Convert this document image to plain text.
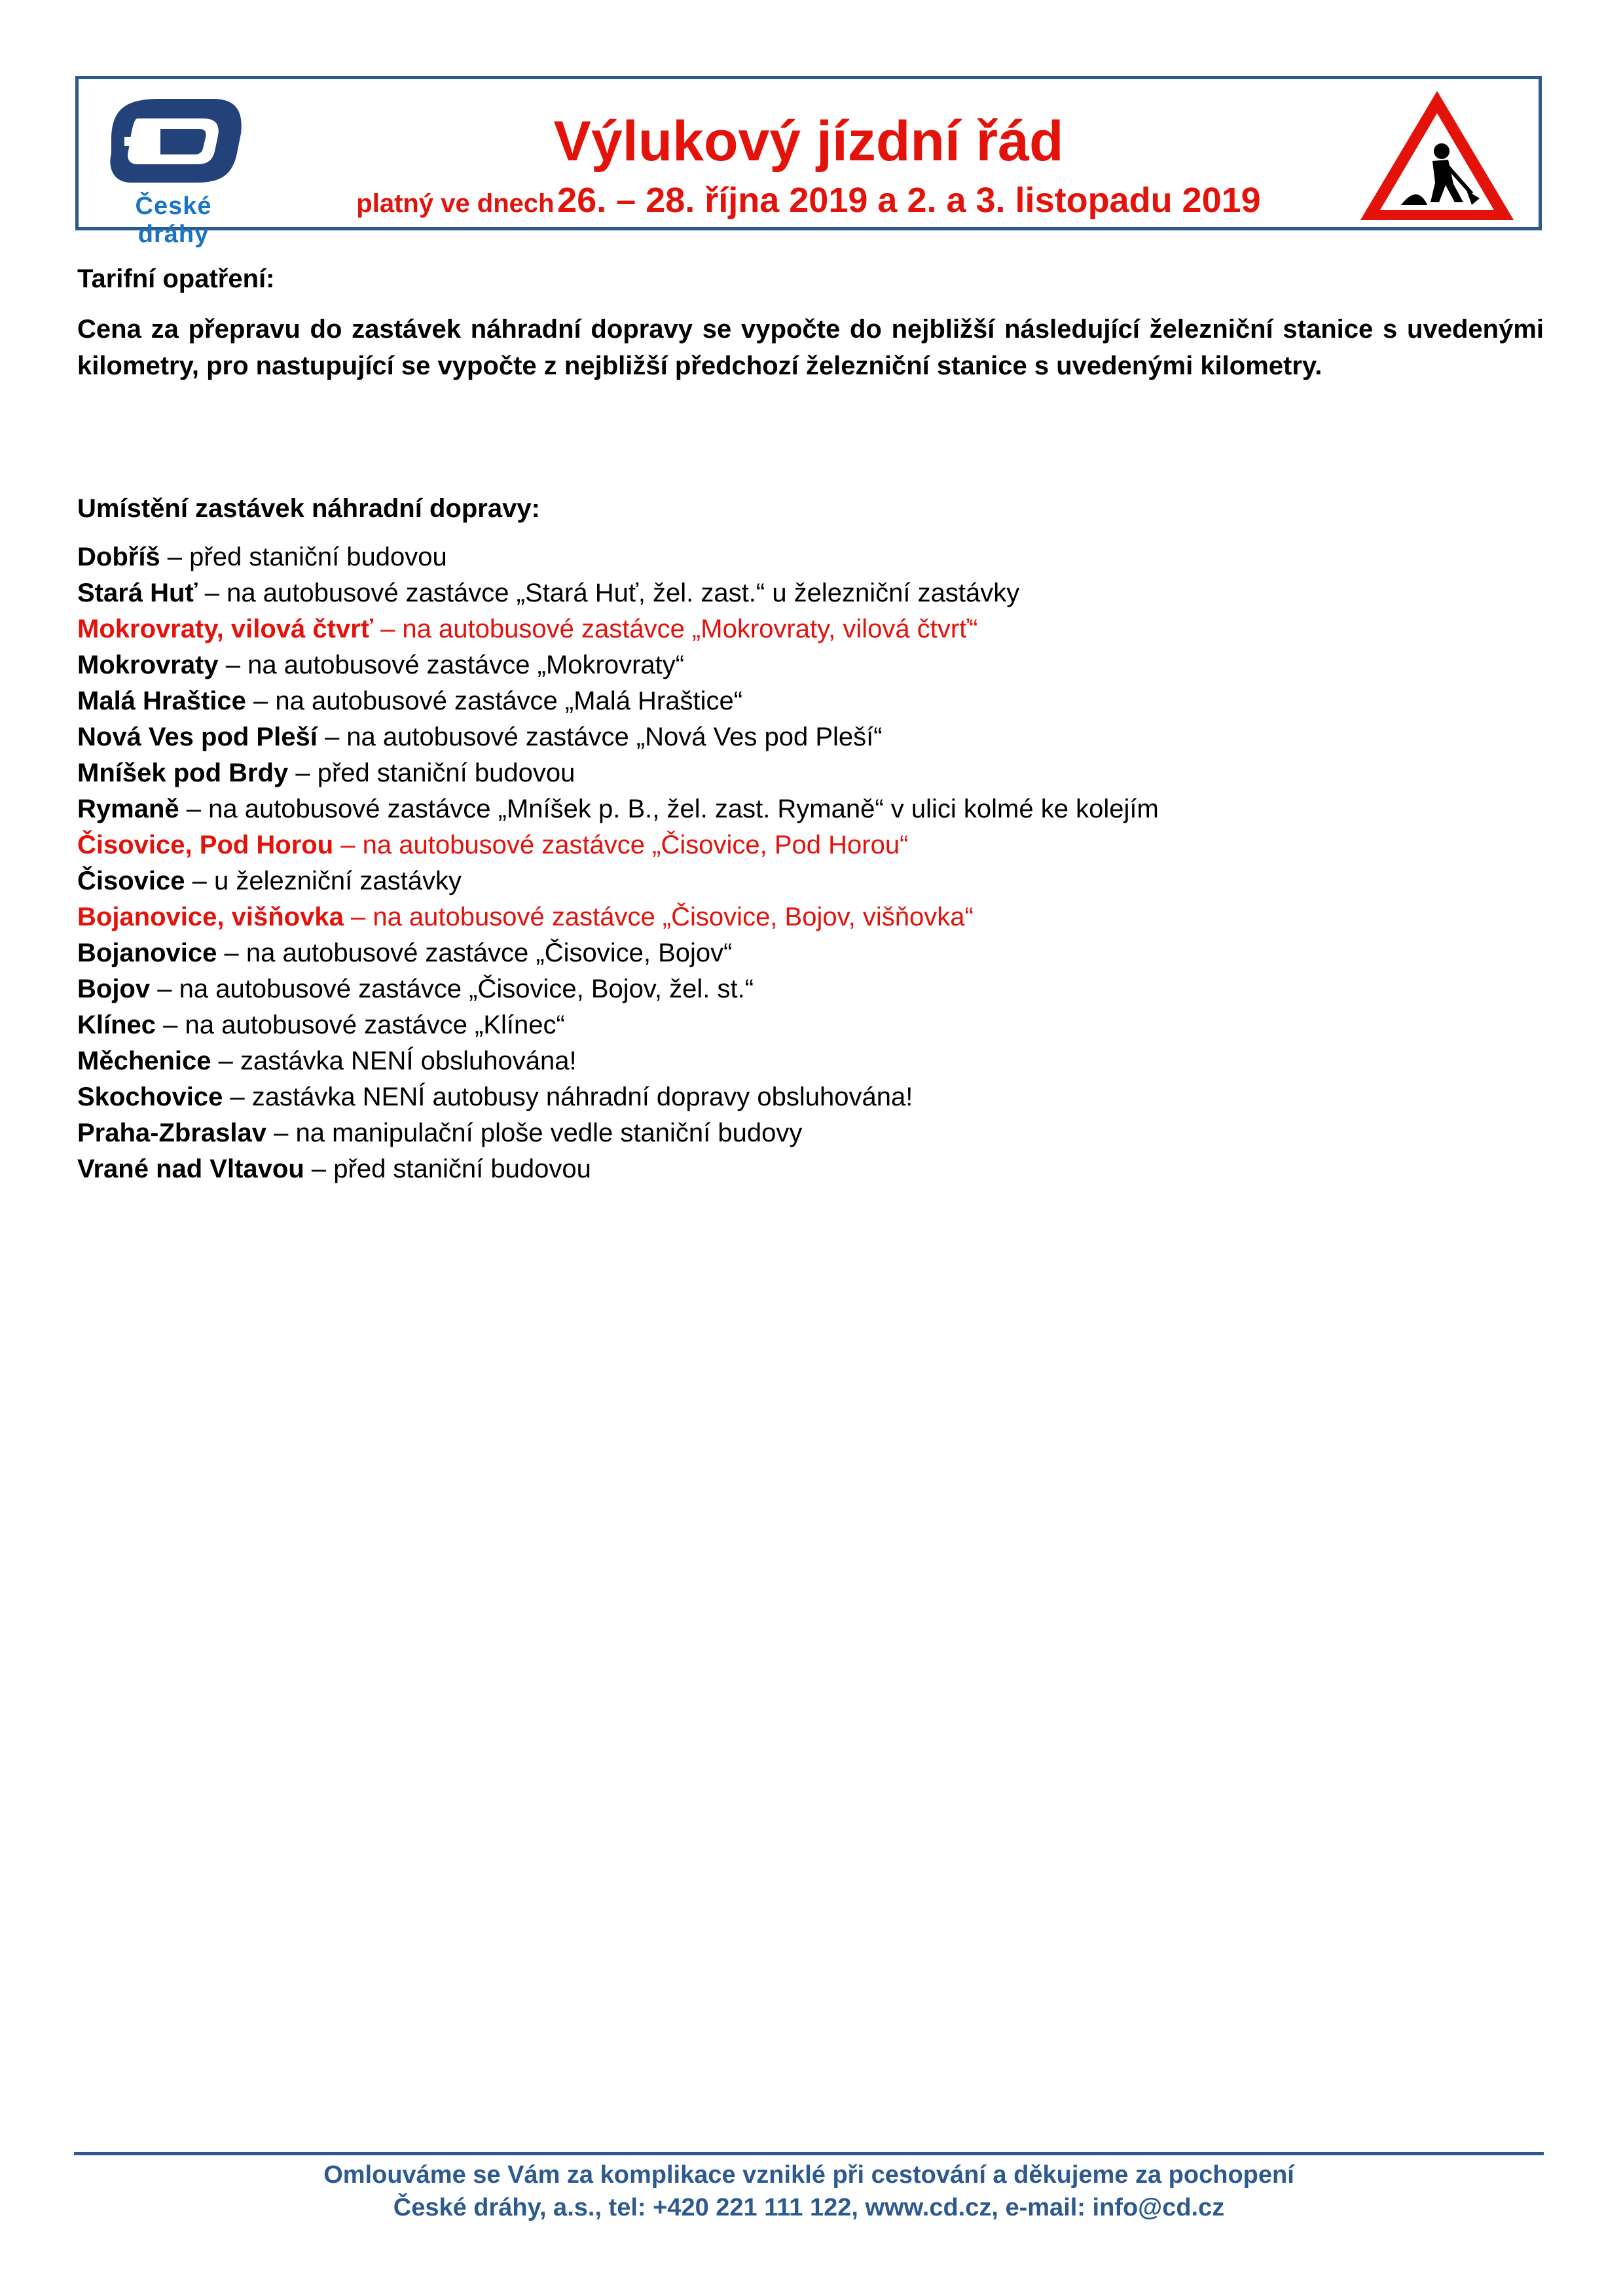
České dráhy
Výlukový jízdní řád
platný ve dnech 26. – 28. října 2019 a 2. a 3. listopadu 2019
Tarifní opatření:
Cena za přepravu do zastávek náhradní dopravy se vypočte do nejbližší následující železniční stanice s uvedenými kilometry, pro nastupující se vypočte z nejbližší předchozí železniční stanice s uvedenými kilometry.
Umístění zastávek náhradní dopravy:
Dobříš – před staniční budovou
Stará Huť – na autobusové zastávce „Stará Huť, žel. zast.“ u železniční zastávky
Mokrovraty, vilová čtvrť – na autobusové zastávce „Mokrovraty, vilová čtvrť“
Mokrovraty – na autobusové zastávce „Mokrovraty“
Malá Hraštice – na autobusové zastávce „Malá Hraštice“
Nová Ves pod Pleší – na autobusové zastávce „Nová Ves pod Pleší“
Mníšek pod Brdy – před staniční budovou
Rymaně – na autobusové zastávce „Mníšek p. B., žel. zast. Rymaně“ v ulici kolmé ke kolejím
Čisovice, Pod Horou – na autobusové zastávce „Čisovice, Pod Horou“
Čisovice – u železniční zastávky
Bojanovice, višňovka – na autobusové zastávce „Čisovice, Bojov, višňovka“
Bojanovice – na autobusové zastávce „Čisovice, Bojov“
Bojov – na autobusové zastávce „Čisovice, Bojov, žel. st.“
Klínec – na autobusové zastávce „Klínec“
Měchenice – zastávka NENÍ obsluhována!
Skochovice – zastávka NENÍ autobusy náhradní dopravy obsluhována!
Praha-Zbraslav – na manipulační ploše vedle staniční budovy
Vrané nad Vltavou – před staniční budovou
Omlouváme se Vám za komplikace vzniklé při cestování a děkujeme za pochopení
České dráhy, a.s., tel: +420 221 111 122, www.cd.cz, e-mail: info@cd.cz
